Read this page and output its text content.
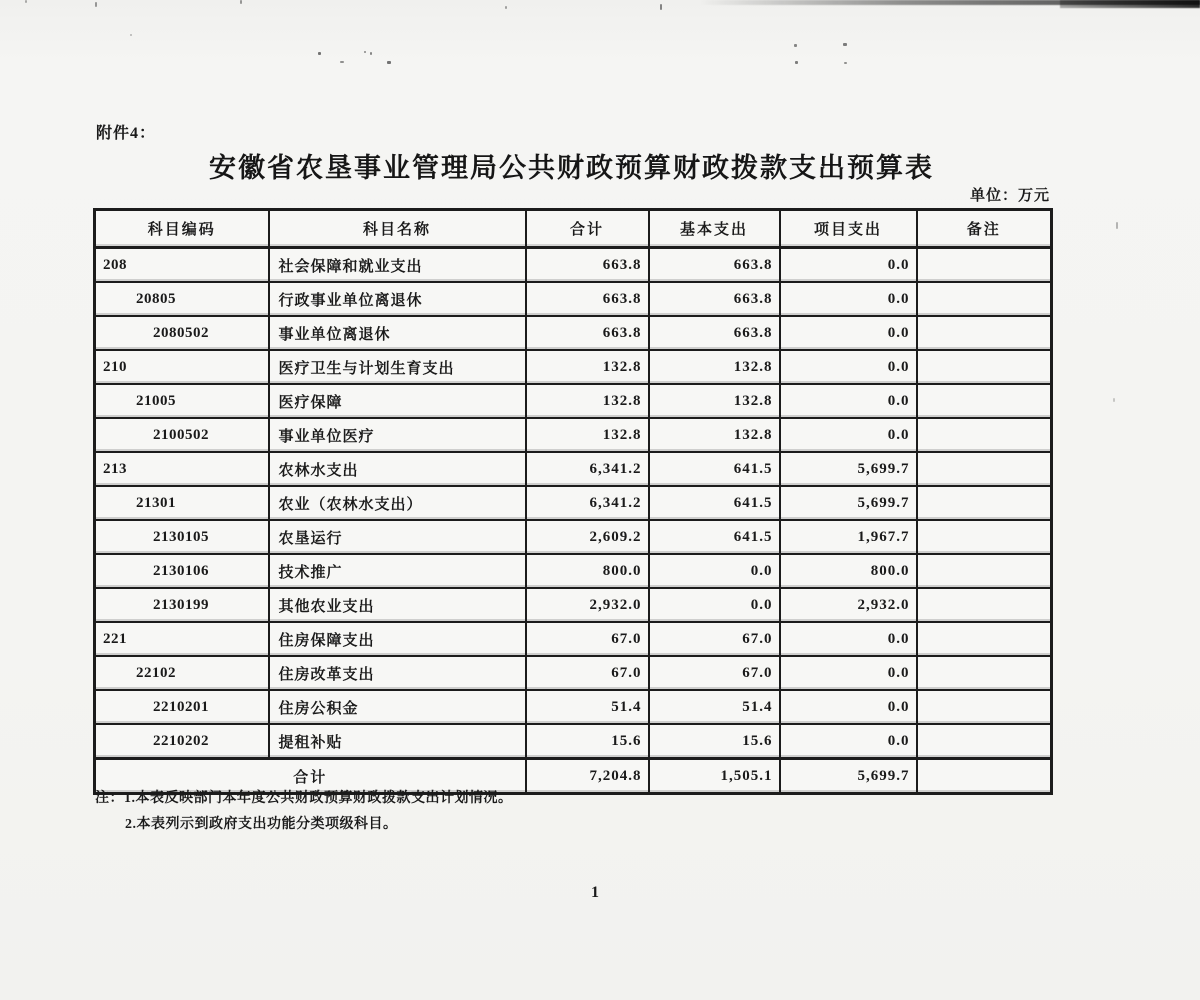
附件4：
安徽省农垦事业管理局公共财政预算财政拨款支出预算表
单位：万元
科目编码	科目名称	合计	基本支出	项目支出	备注
208	社会保障和就业支出	663.8	663.8	0.0	
20805	行政事业单位离退休	663.8	663.8	0.0	
2080502	事业单位离退休	663.8	663.8	0.0	
210	医疗卫生与计划生育支出	132.8	132.8	0.0	
21005	医疗保障	132.8	132.8	0.0	
2100502	事业单位医疗	132.8	132.8	0.0	
213	农林水支出	6,341.2	641.5	5,699.7	
21301	农业（农林水支出）	6,341.2	641.5	5,699.7	
2130105	农垦运行	2,609.2	641.5	1,967.7	
2130106	技术推广	800.0	0.0	800.0	
2130199	其他农业支出	2,932.0	0.0	2,932.0	
221	住房保障支出	67.0	67.0	0.0	
22102	住房改革支出	67.0	67.0	0.0	
2210201	住房公积金	51.4	51.4	0.0	
2210202	提租补贴	15.6	15.6	0.0	
合计		7,204.8	1,505.1	5,699.7	
注：1.本表反映部门本年度公共财政预算财政拨款支出计划情况。
2.本表列示到政府支出功能分类项级科目。
1
